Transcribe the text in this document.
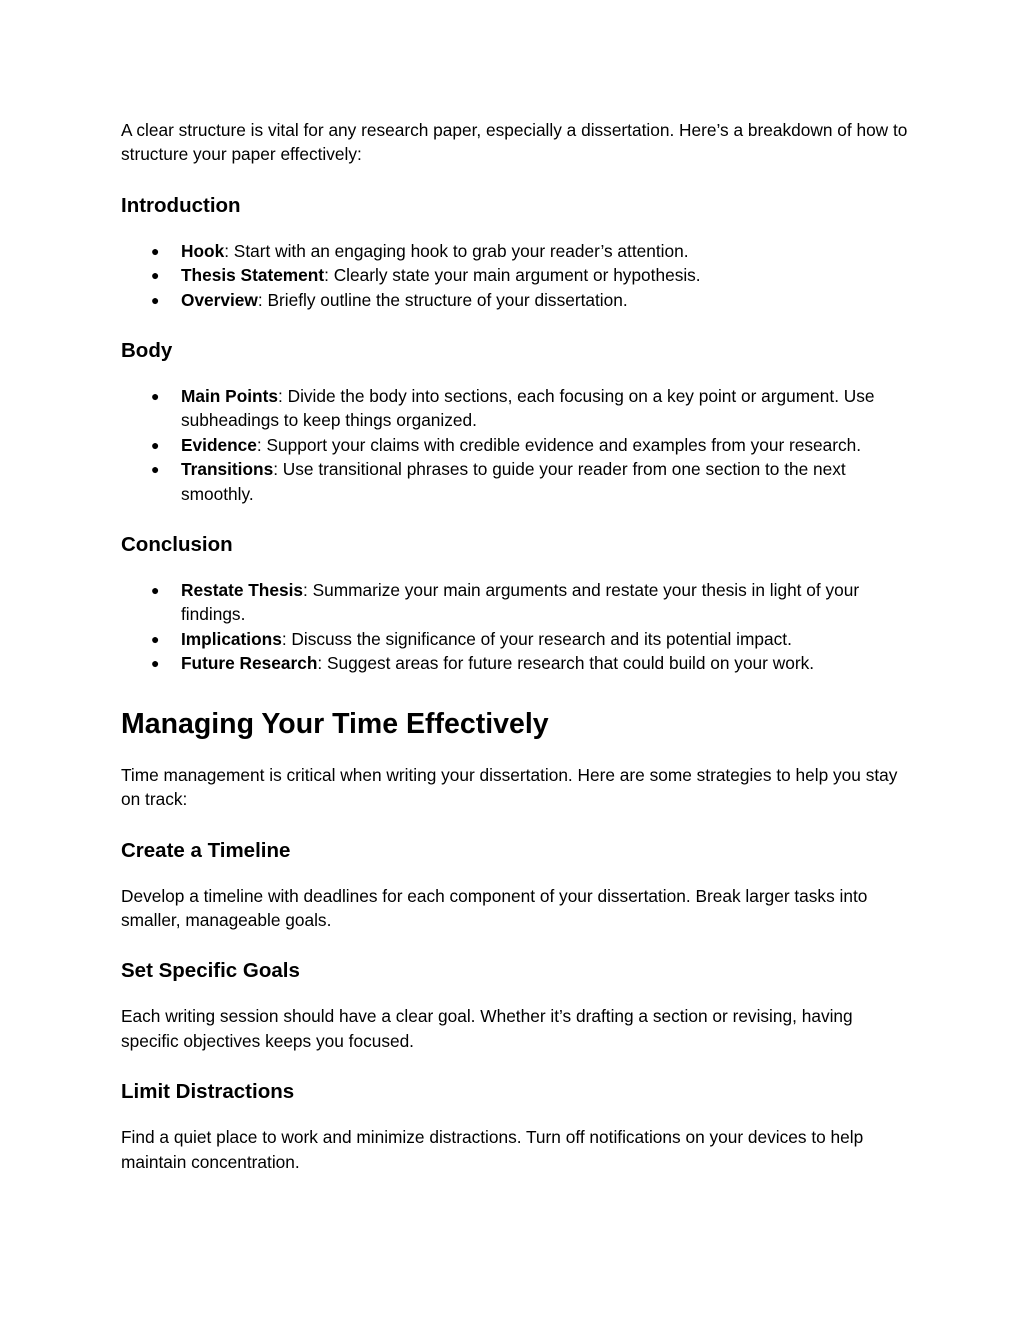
A clear structure is vital for any research paper, especially a dissertation. Here’s a breakdown of how to structure your paper effectively:

Introduction
● Hook: Start with an engaging hook to grab your reader’s attention.
● Thesis Statement: Clearly state your main argument or hypothesis.
● Overview: Briefly outline the structure of your dissertation.
Body
● Main Points: Divide the body into sections, each focusing on a key point or argument. Use subheadings to keep things organized.
● Evidence: Support your claims with credible evidence and examples from your research.
● Transitions: Use transitional phrases to guide your reader from one section to the next smoothly.
Conclusion
● Restate Thesis: Summarize your main arguments and restate your thesis in light of your findings.
● Implications: Discuss the significance of your research and its potential impact.
● Future Research: Suggest areas for future research that could build on your work.
Managing Your Time Effectively

Time management is critical when writing your dissertation. Here are some strategies to help you stay on track:

Create a Timeline

Develop a timeline with deadlines for each component of your dissertation. Break larger tasks into smaller, manageable goals.

Set Specific Goals

Each writing session should have a clear goal. Whether it’s drafting a section or revising, having specific objectives keeps you focused.

Limit Distractions

Find a quiet place to work and minimize distractions. Turn off notifications on your devices to help maintain concentration.
